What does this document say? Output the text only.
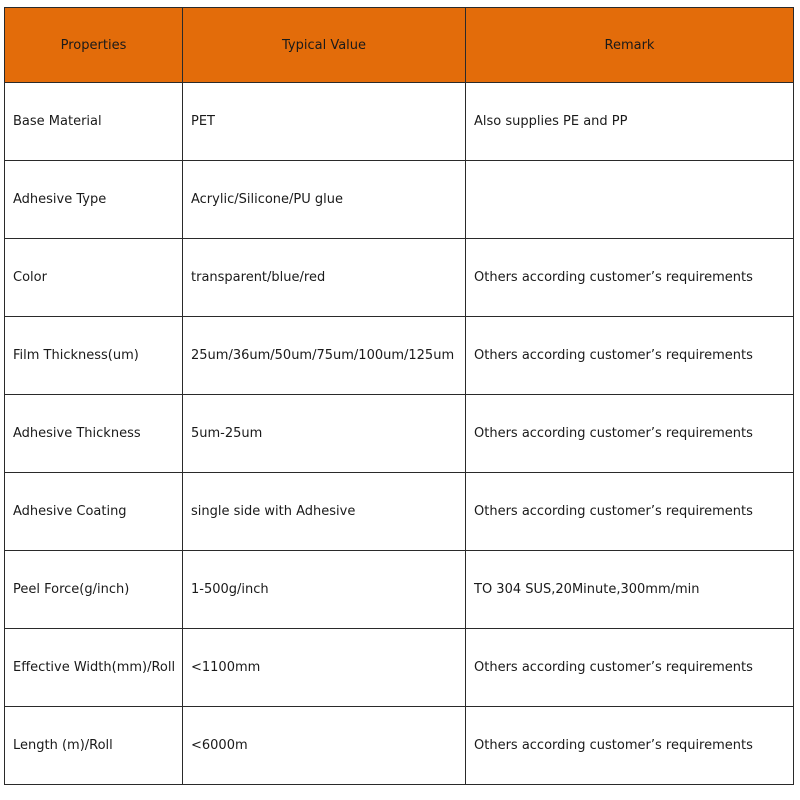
Properties	Typical Value	Remark
Base Material	PET	Also supplies PE and PP
Adhesive Type	Acrylic/Silicone/PU glue	
Color	transparent/blue/red	Others according customer’s requirements
Film Thickness(um)	25um/36um/50um/75um/100um/125um	Others according customer’s requirements
Adhesive Thickness	5um-25um	Others according customer’s requirements
Adhesive Coating	single side with Adhesive	Others according customer’s requirements
Peel Force(g/inch)	1-500g/inch	TO 304 SUS,20Minute,300mm/min
Effective Width(mm)/Roll	<1100mm	Others according customer’s requirements
Length (m)/Roll	<6000m	Others according customer’s requirements
